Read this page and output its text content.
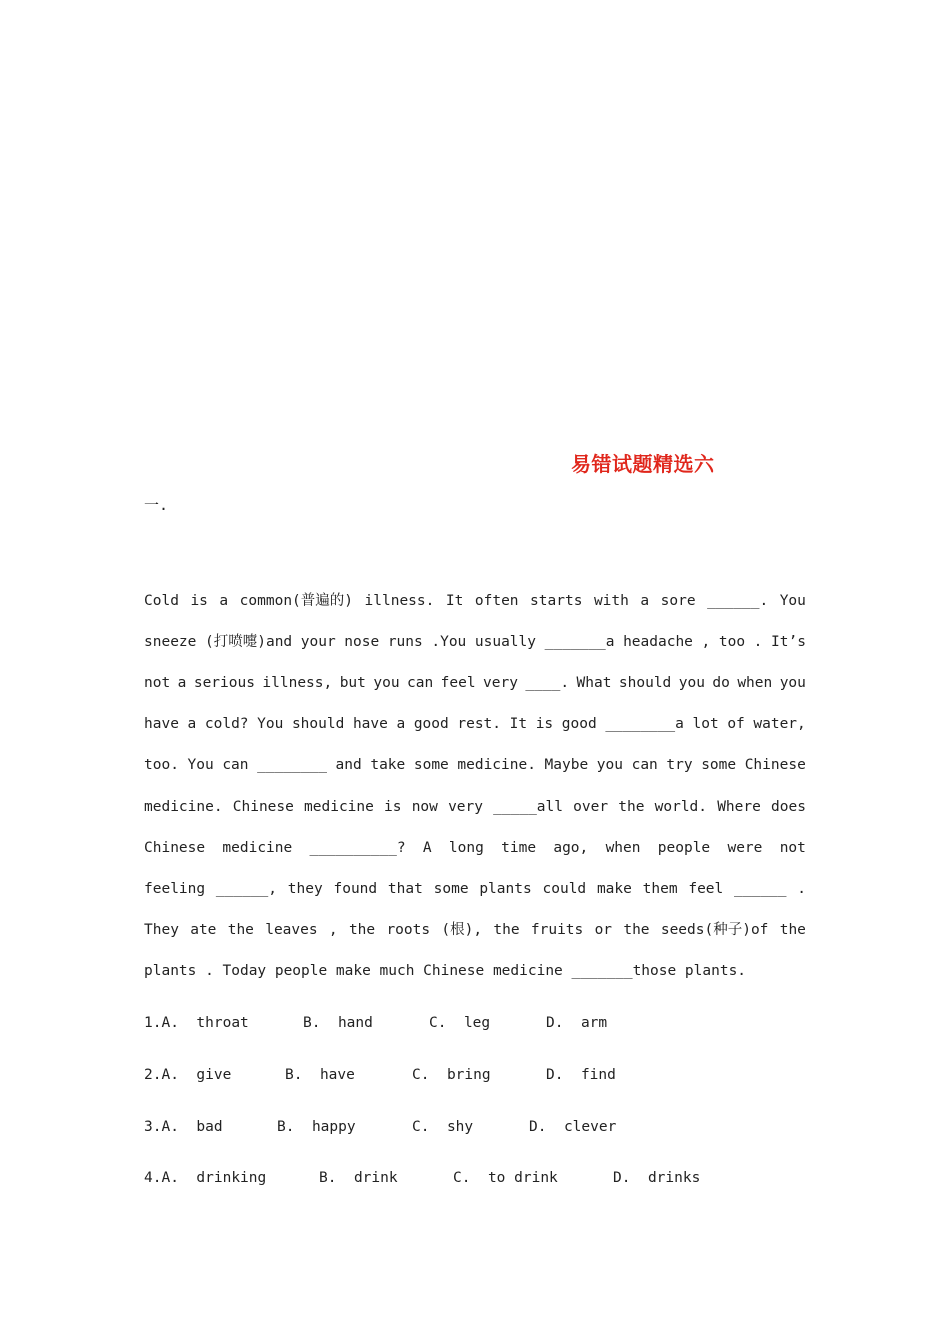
易错试题精选六
一.
Cold is a common(普遍的) illness. It often starts with a sore ______. You
sneeze (打喷嚏)and your nose runs .You usually _______a headache , too . It’s
not a serious illness, but you can feel very ____. What should you do when you
have a cold? You should have a good rest. It is good ________a lot of water,
too. You can ________ and take some medicine. Maybe you can try some Chinese
medicine. Chinese medicine is now very _____all over the world. Where does
Chinese medicine __________? A long time ago, when people were not
feeling ______, they found that some plants could make them feel ______ .
They ate the leaves , the roots (根), the fruits or the seeds(种子)of the
plants . Today people make much Chinese medicine _______those plants.
1.A. throat	B. hand	C. leg	D. arm
2.A. give	B. have	C. bring	D. find
3.A. bad	B. happy	C. shy	D. clever
4.A. drinking	B. drink	C. to drink	D. drinks
